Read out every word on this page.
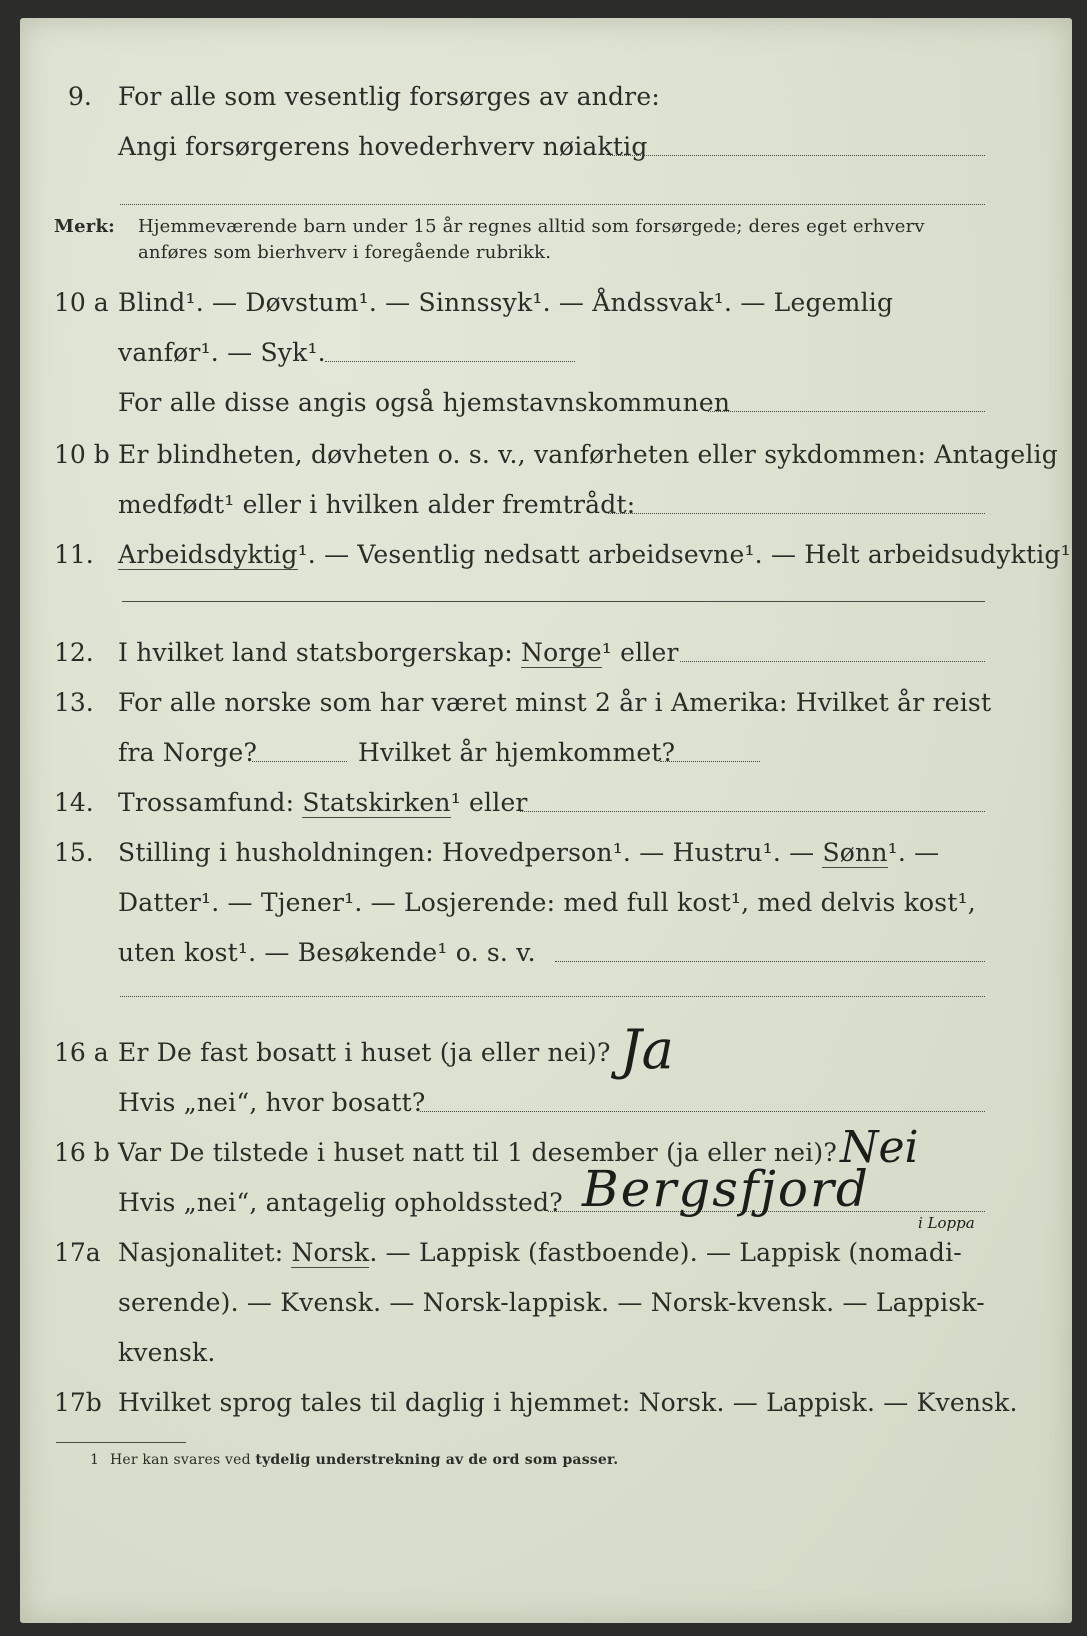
9. For alle som vesentlig forsørges av andre:
Angi forsørgerens hovederhverv nøiaktig
Merk: Hjemmeværende barn under 15 år regnes alltid som forsørgede; deres eget erhverv
anføres som bierhverv i foregående rubrikk.
10 a Blind¹. — Døvstum¹. — Sinnssyk¹. — Åndssvak¹. — Legemlig
vanfør¹. — Syk¹.
For alle disse angis også hjemstavnskommunen
10 b Er blindheten, døvheten o. s. v., vanførheten eller sykdommen: Antagelig
medfødt¹ eller i hvilken alder fremtrådt:
11. Arbeidsdyktig¹. — Vesentlig nedsatt arbeidsevne¹. — Helt arbeidsudyktig¹.
12. I hvilket land statsborgerskap: Norge¹ eller
13. For alle norske som har været minst 2 år i Amerika: Hvilket år reist
fra Norge?	Hvilket år hjemkommet?
14. Trossamfund: Statskirken¹ eller
15. Stilling i husholdningen: Hovedperson¹. — Hustru¹. — Sønn¹. —
Datter¹. — Tjener¹. — Losjerende: med full kost¹, med delvis kost¹,
uten kost¹. — Besøkende¹ o. s. v.
16 a Er De fast bosatt i huset (ja eller nei)? Ja
Hvis „nei“, hvor bosatt?
16 b Var De tilstede i huset natt til 1 desember (ja eller nei)? Nei
Hvis „nei“, antagelig opholdssted? Bergsfjord
i Loppa
17a Nasjonalitet: Norsk. — Lappisk (fastboende). — Lappisk (nomadi-
serende). — Kvensk. — Norsk-lappisk. — Norsk-kvensk. — Lappisk-
kvensk.
17b Hvilket sprog tales til daglig i hjemmet: Norsk. — Lappisk. — Kvensk.
1 Her kan svares ved tydelig understrekning av de ord som passer.
